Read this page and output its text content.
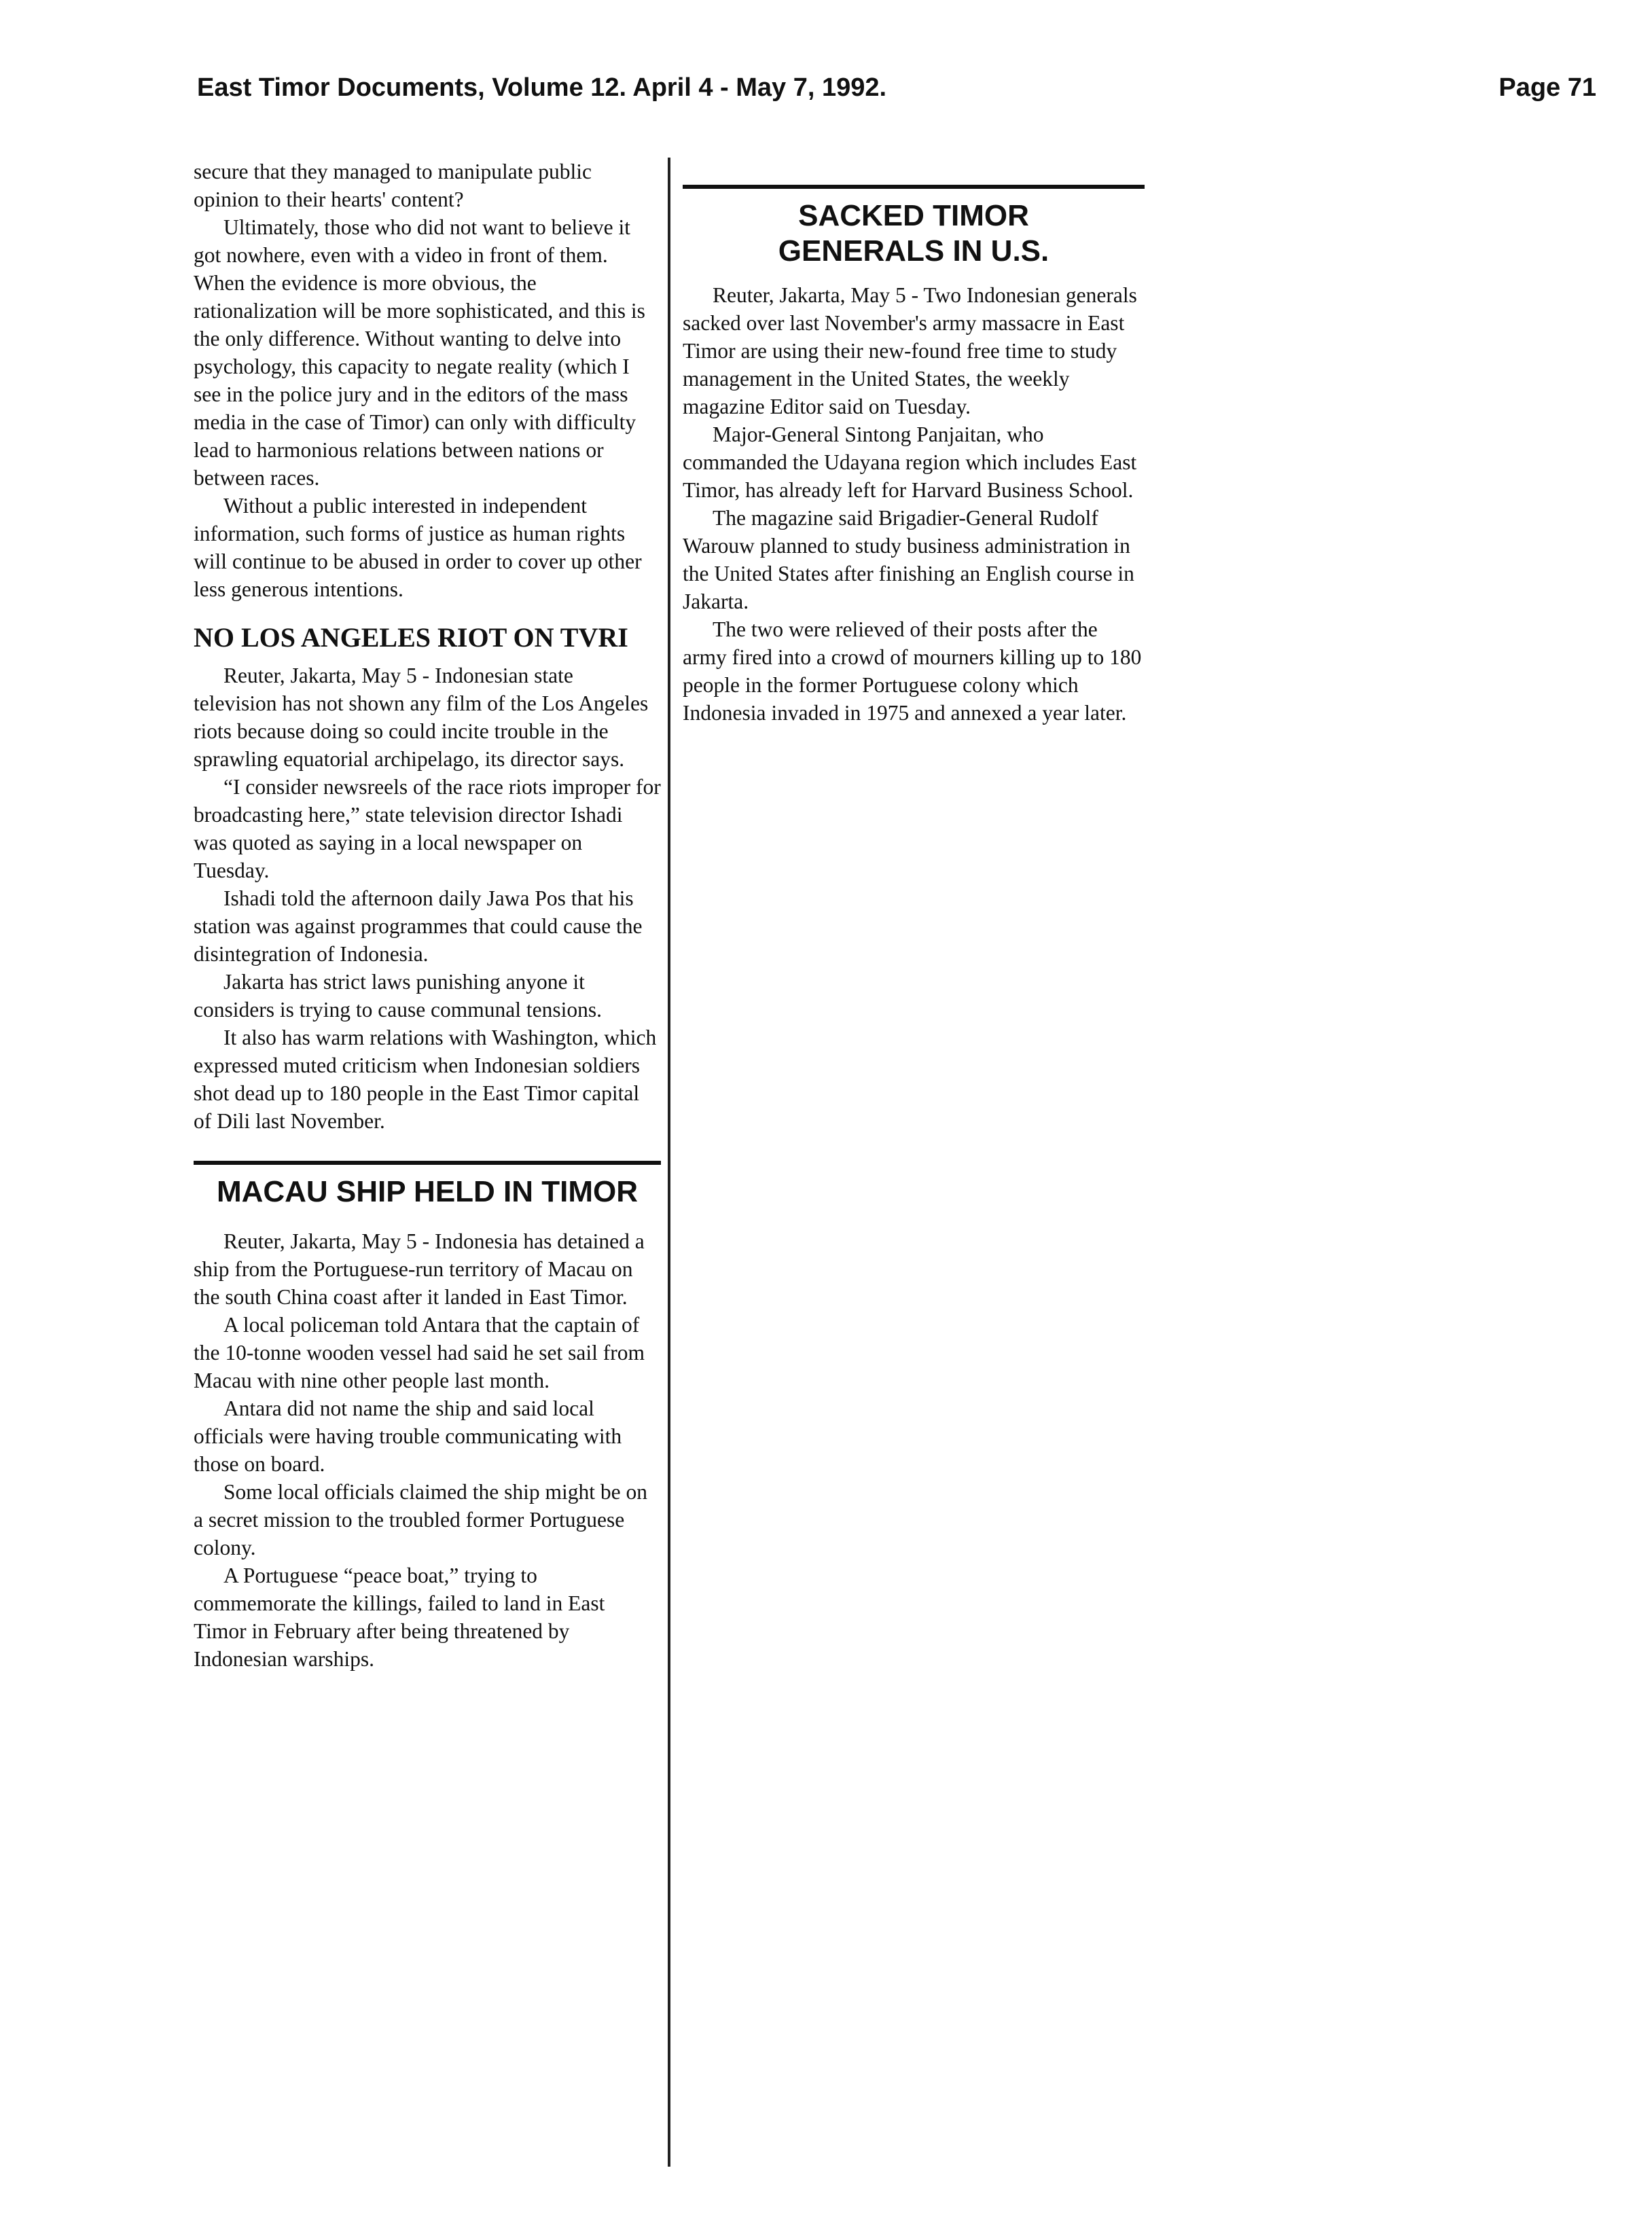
East Timor Documents, Volume 12. April 4 - May 7, 1992.	Page 71

secure that they managed to manipulate public opinion to their hearts' content?

Ultimately, those who did not want to believe it got nowhere, even with a video in front of them. When the evidence is more obvious, the rationalization will be more sophisticated, and this is the only difference. Without wanting to delve into psychology, this capacity to negate reality (which I see in the police jury and in the editors of the mass media in the case of Timor) can only with difficulty lead to harmonious relations between nations or between races.

Without a public interested in independent information, such forms of justice as human rights will continue to be abused in order to cover up other less generous intentions.

NO LOS ANGELES RIOT ON TVRI

Reuter, Jakarta, May 5 - Indonesian state television has not shown any film of the Los Angeles riots because doing so could incite trouble in the sprawling equatorial archipelago, its director says.

“I consider newsreels of the race riots improper for broadcasting here,” state television director Ishadi was quoted as saying in a local newspaper on Tuesday.

Ishadi told the afternoon daily Jawa Pos that his station was against programmes that could cause the disintegration of Indonesia.

Jakarta has strict laws punishing anyone it considers is trying to cause communal tensions.

It also has warm relations with Washington, which expressed muted criticism when Indonesian soldiers shot dead up to 180 people in the East Timor capital of Dili last November.

MACAU SHIP HELD IN TIMOR

Reuter, Jakarta, May 5 - Indonesia has detained a ship from the Portuguese-run territory of Macau on the south China coast after it landed in East Timor.

A local policeman told Antara that the captain of the 10-tonne wooden vessel had said he set sail from Macau with nine other people last month.

Antara did not name the ship and said local officials were having trouble communicating with those on board.

Some local officials claimed the ship might be on a secret mission to the troubled former Portuguese colony.

A Portuguese “peace boat,” trying to commemorate the killings, failed to land in East Timor in February after being threatened by Indonesian warships.

SACKED TIMOR
GENERALS IN U.S.

Reuter, Jakarta, May 5 - Two Indonesian generals sacked over last November's army massacre in East Timor are using their new-found free time to study management in the United States, the weekly magazine Editor said on Tuesday.

Major-General Sintong Panjaitan, who commanded the Udayana region which includes East Timor, has already left for Harvard Business School.

The magazine said Brigadier-General Rudolf Warouw planned to study business administration in the United States after finishing an English course in Jakarta.

The two were relieved of their posts after the army fired into a crowd of mourners killing up to 180 people in the former Portuguese colony which Indonesia invaded in 1975 and annexed a year later.
